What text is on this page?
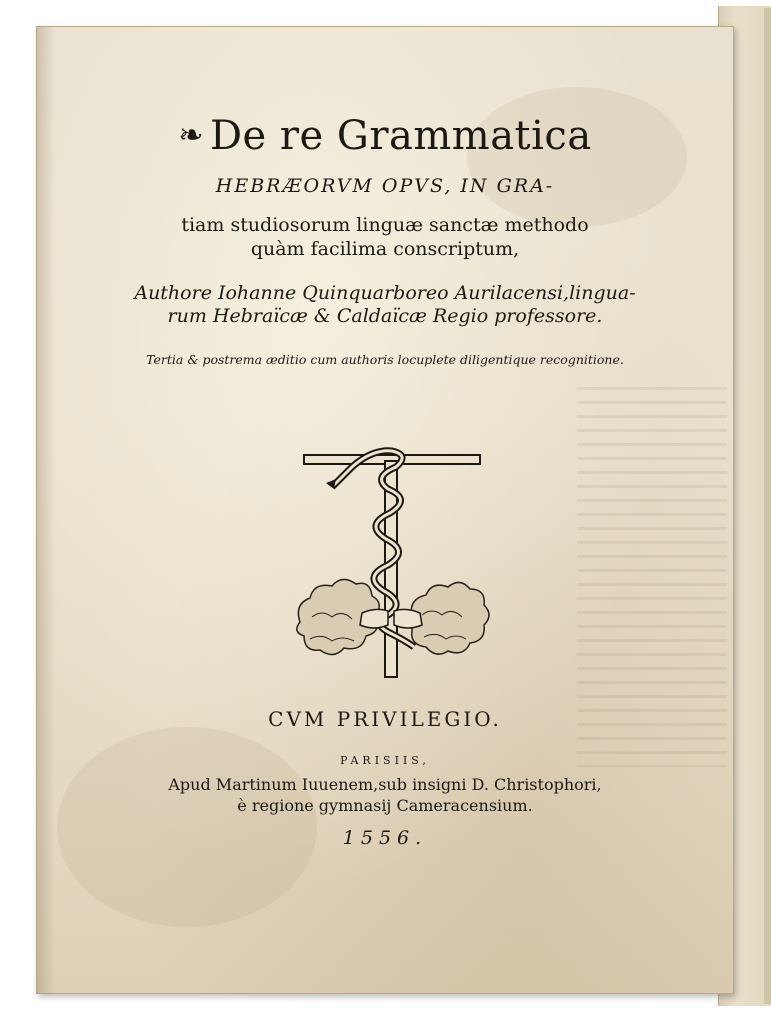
❧ De re Grammatica
HEBRÆORVM OPVS, IN GRA-
tiam studiosorum linguæ sanctæ methodo
quàm facilima conscriptum,
Authore Iohanne Quinquarboreo Aurilacensi,lingua-
rum Hebraïcæ & Caldaïcæ Regio professore.
Tertia & postrema æditio cum authoris locuplete diligentique recognitione.
CVM PRIVILEGIO.
PARISIIS,
Apud Martinum Iuuenem,sub insigni D. Christophori,
è regione gymnasij Cameracensium.
1556.
